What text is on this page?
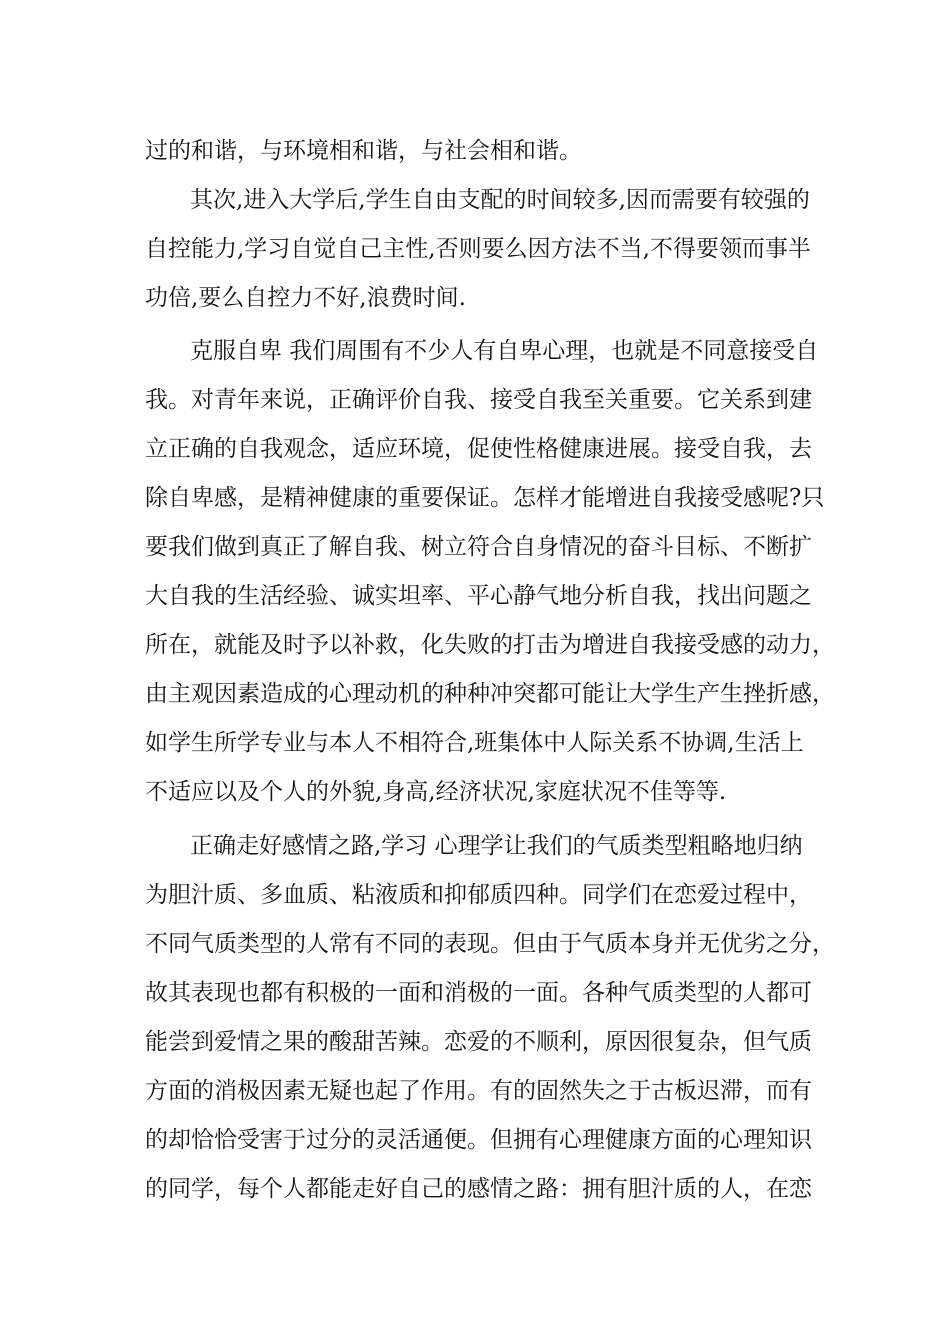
过的和谐，与环境相和谐，与社会相和谐。
其次,进入大学后,学生自由支配的时间较多,因而需要有较强的
自控能力,学习自觉自己主性,否则要么因方法不当,不得要领而事半
功倍,要么自控力不好,浪费时间.
克服自卑 我们周围有不少人有自卑心理，也就是不同意接受自
我。对青年来说，正确评价自我、接受自我至关重要。它关系到建
立正确的自我观念，适应环境，促使性格健康进展。接受自我，去
除自卑感，是精神健康的重要保证。怎样才能增进自我接受感呢?只
要我们做到真正了解自我、树立符合自身情况的奋斗目标、不断扩
大自我的生活经验、诚实坦率、平心静气地分析自我，找出问题之
所在，就能及时予以补救，化失败的打击为增进自我接受感的动力，
由主观因素造成的心理动机的种种冲突都可能让大学生产生挫折感，
如学生所学专业与本人不相符合,班集体中人际关系不协调,生活上
不适应以及个人的外貌,身高,经济状况,家庭状况不佳等等.
正确走好感情之路,学习 心理学让我们的气质类型粗略地归纳
为胆汁质、多血质、粘液质和抑郁质四种。同学们在恋爱过程中，
不同气质类型的人常有不同的表现。但由于气质本身并无优劣之分，
故其表现也都有积极的一面和消极的一面。各种气质类型的人都可
能尝到爱情之果的酸甜苦辣。恋爱的不顺利，原因很复杂，但气质
方面的消极因素无疑也起了作用。有的固然失之于古板迟滞，而有
的却恰恰受害于过分的灵活通便。但拥有心理健康方面的心理知识
的同学，每个人都能走好自己的感情之路：拥有胆汁质的人，在恋
